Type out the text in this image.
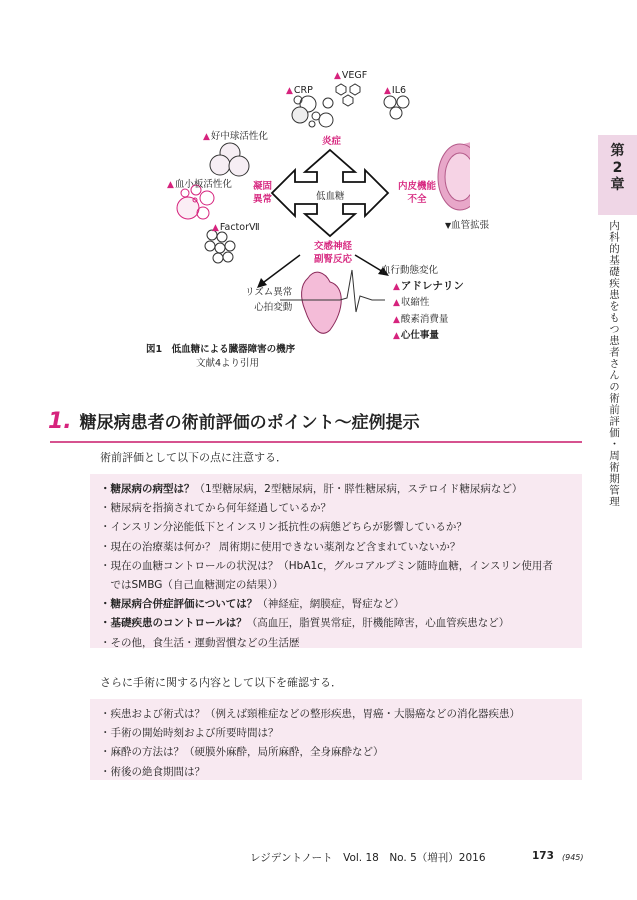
▲CRP
▲VEGF
▲IL6
▲好中球活性化
▲血小板活性化
▲FactorⅦ
炎症
凝固
異常
内皮機能
不全
低血糖
▼血管拡張
交感神経
副腎反応
リズム異常
心拍変動
血行動態変化
▲アドレナリン
▲収縮性
▲酸素消費量
▲心仕事量
図1　低血糖による臓器障害の機序
文献4より引用
第2章
内科的基礎疾患をもつ患者さんの術前評価・周術期管理
1. 糖尿病患者の術前評価のポイント〜症例提示
術前評価として以下の点に注意する．
・糖尿病の病型は？（1型糖尿病，2型糖尿病，肝・膵性糖尿病，ステロイド糖尿病など）
・糖尿病を指摘されてから何年経過しているか？
・インスリン分泌能低下とインスリン抵抗性の病態どちらが影響しているか？
・現在の治療薬は何か？ 周術期に使用できない薬剤など含まれていないか？
・現在の血糖コントロールの状況は？（HbA1c，グルコアルブミン随時血糖，インスリン使用者
　ではSMBG（自己血糖測定の結果））
・糖尿病合併症評価については？（神経症，網膜症，腎症など）
・基礎疾患のコントロールは？（高血圧，脂質異常症，肝機能障害，心血管疾患など）
・その他，食生活・運動習慣などの生活歴
さらに手術に関する内容として以下を確認する．
・疾患および術式は？（例えば頸椎症などの整形疾患，胃癌・大腸癌などの消化器疾患）
・手術の開始時刻および所要時間は？
・麻酔の方法は？（硬膜外麻酔，局所麻酔，全身麻酔など）
・術後の絶食期間は？
レジデントノート　Vol. 18　No. 5（増刊）2016	173 (945)
